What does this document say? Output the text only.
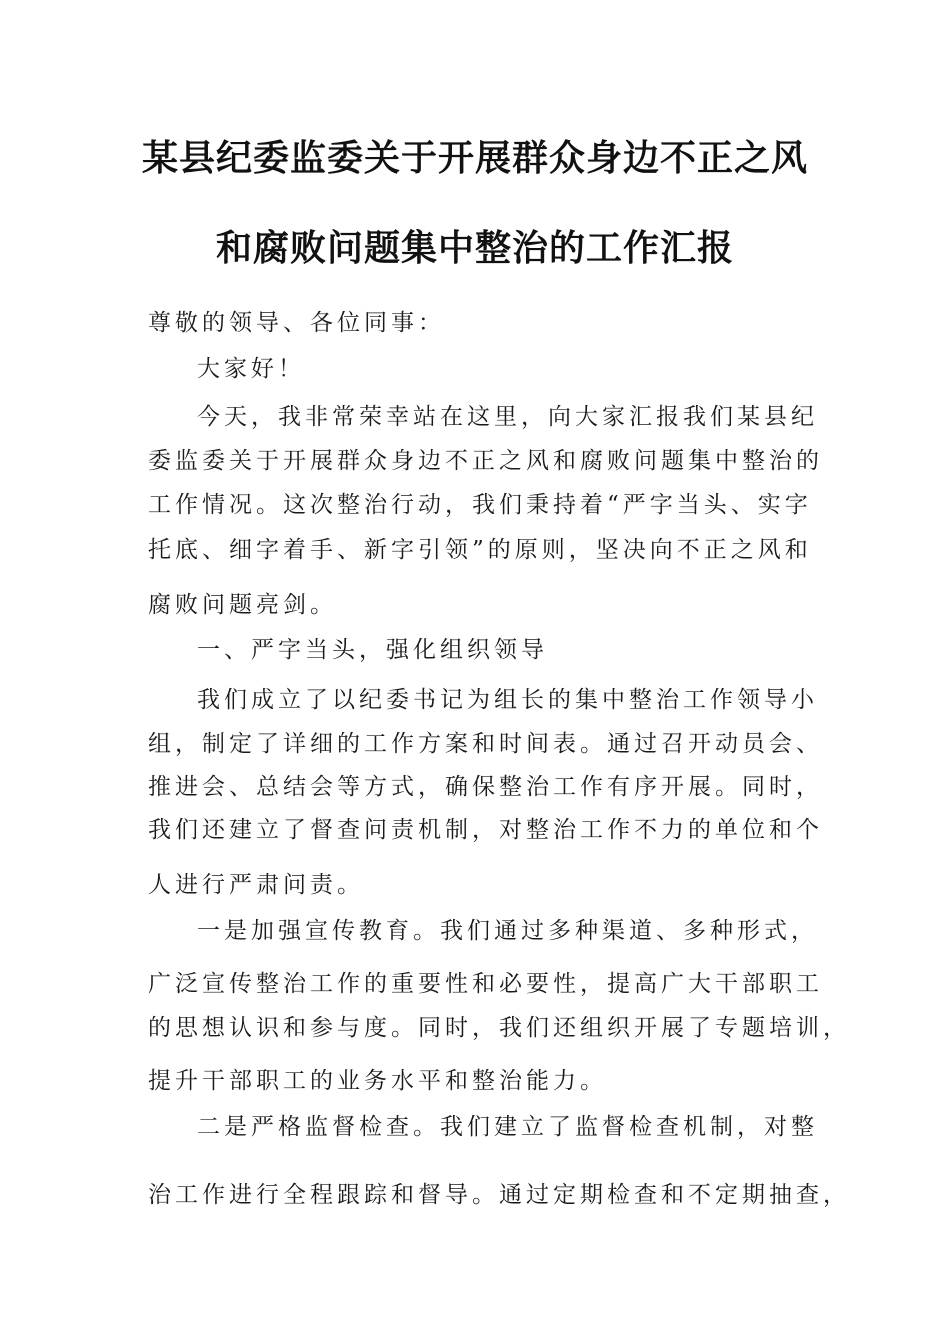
某县纪委监委关于开展群众身边不正之风
和腐败问题集中整治的工作汇报
尊敬的领导、各位同事：
大家好！
今天，我非常荣幸站在这里，向大家汇报我们某县纪
委监委关于开展群众身边不正之风和腐败问题集中整治的
工作情况。这次整治行动，我们秉持着“严字当头、实字
托底、细字着手、新字引领”的原则，坚决向不正之风和
腐败问题亮剑。
一、严字当头，强化组织领导
我们成立了以纪委书记为组长的集中整治工作领导小
组，制定了详细的工作方案和时间表。通过召开动员会、
推进会、总结会等方式，确保整治工作有序开展。同时，
我们还建立了督查问责机制，对整治工作不力的单位和个
人进行严肃问责。
一是加强宣传教育。我们通过多种渠道、多种形式，
广泛宣传整治工作的重要性和必要性，提高广大干部职工
的思想认识和参与度。同时，我们还组织开展了专题培训，
提升干部职工的业务水平和整治能力。
二是严格监督检查。我们建立了监督检查机制，对整
治工作进行全程跟踪和督导。通过定期检查和不定期抽查，
